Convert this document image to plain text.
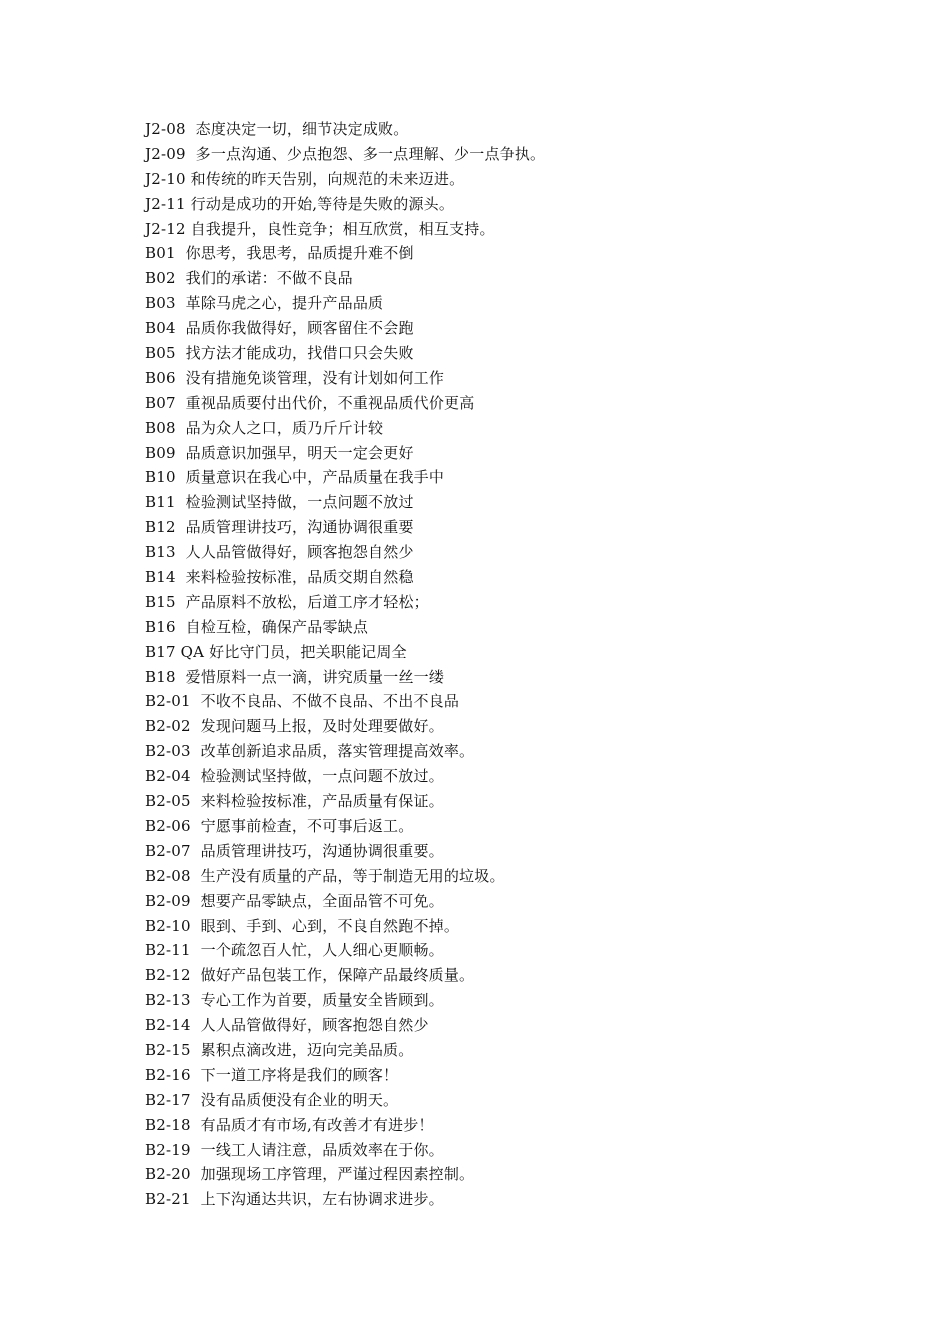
J2-08  态度决定一切，细节决定成败。
J2-09  多一点沟通、少点抱怨、多一点理解、少一点争执。
J2-10 和传统的昨天告别，向规范的未来迈进。
J2-11 行动是成功的开始,等待是失败的源头。
J2-12 自我提升，良性竞争；相互欣赏，相互支持。
B01  你思考，我思考，品质提升难不倒
B02  我们的承诺：不做不良品
B03  革除马虎之心，提升产品品质
B04  品质你我做得好，顾客留住不会跑
B05  找方法才能成功，找借口只会失败
B06  没有措施免谈管理，没有计划如何工作
B07  重视品质要付出代价，不重视品质代价更高
B08  品为众人之口，质乃斤斤计较
B09  品质意识加强早，明天一定会更好
B10  质量意识在我心中，产品质量在我手中
B11  检验测试坚持做，一点问题不放过
B12  品质管理讲技巧，沟通协调很重要
B13  人人品管做得好，顾客抱怨自然少
B14  来料检验按标准，品质交期自然稳
B15  产品原料不放松，后道工序才轻松；
B16  自检互检，确保产品零缺点
B17 QA 好比守门员，把关职能记周全
B18  爱惜原料一点一滴，讲究质量一丝一缕
B2-01  不收不良品、不做不良品、不出不良品
B2-02  发现问题马上报，及时处理要做好。
B2-03  改革创新追求品质，落实管理提高效率。
B2-04  检验测试坚持做，一点问题不放过。
B2-05  来料检验按标准，产品质量有保证。
B2-06  宁愿事前检查，不可事后返工。
B2-07  品质管理讲技巧，沟通协调很重要。
B2-08  生产没有质量的产品，等于制造无用的垃圾。
B2-09  想要产品零缺点，全面品管不可免。
B2-10  眼到、手到、心到，不良自然跑不掉。
B2-11  一个疏忽百人忙，人人细心更顺畅。
B2-12  做好产品包装工作，保障产品最终质量。
B2-13  专心工作为首要，质量安全皆顾到。
B2-14  人人品管做得好，顾客抱怨自然少
B2-15  累积点滴改进，迈向完美品质。
B2-16  下一道工序将是我们的顾客！
B2-17  没有品质便没有企业的明天。
B2-18  有品质才有市场,有改善才有进步！
B2-19  一线工人请注意，品质效率在于你。
B2-20  加强现场工序管理，严谨过程因素控制。
B2-21  上下沟通达共识，左右协调求进步。
